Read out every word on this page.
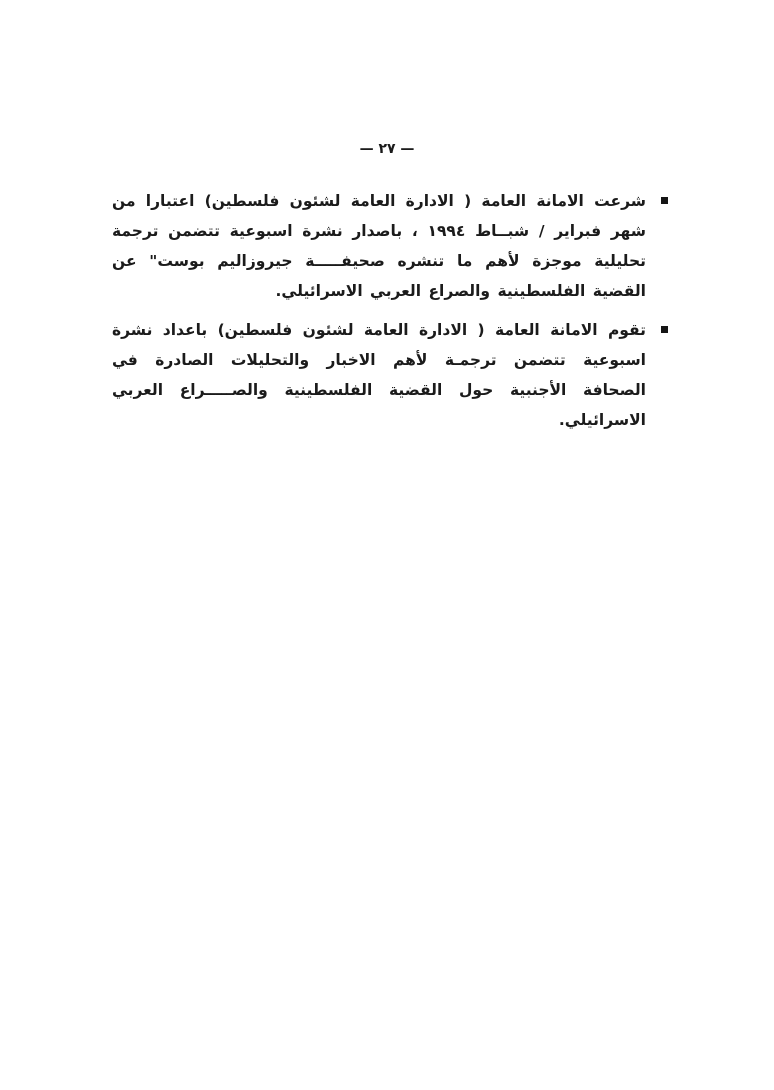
— ٢٧ —

شرعت الامانة العامة ( الادارة العامة لشئون فلسطين) اعتبارا من شهر فبراير / شبــاط ١٩٩٤ ، باصدار نشرة اسبوعية تتضمن ترجمة تحليلية موجزة لأهم ما تنشره صحيفـــــة جيروزاليم بوست" عن القضية الفلسطينية والصراع العربي الاسرائيلي.

تقوم الامانة العامة ( الادارة العامة لشئون فلسطين) باعداد نشرة اسبوعية تتضمن ترجمـة لأهم الاخبار والتحليلات الصادرة في الصحافة الأجنبية حول القضية الفلسطينية والصـــــراع العربي الاسرائيلي.
